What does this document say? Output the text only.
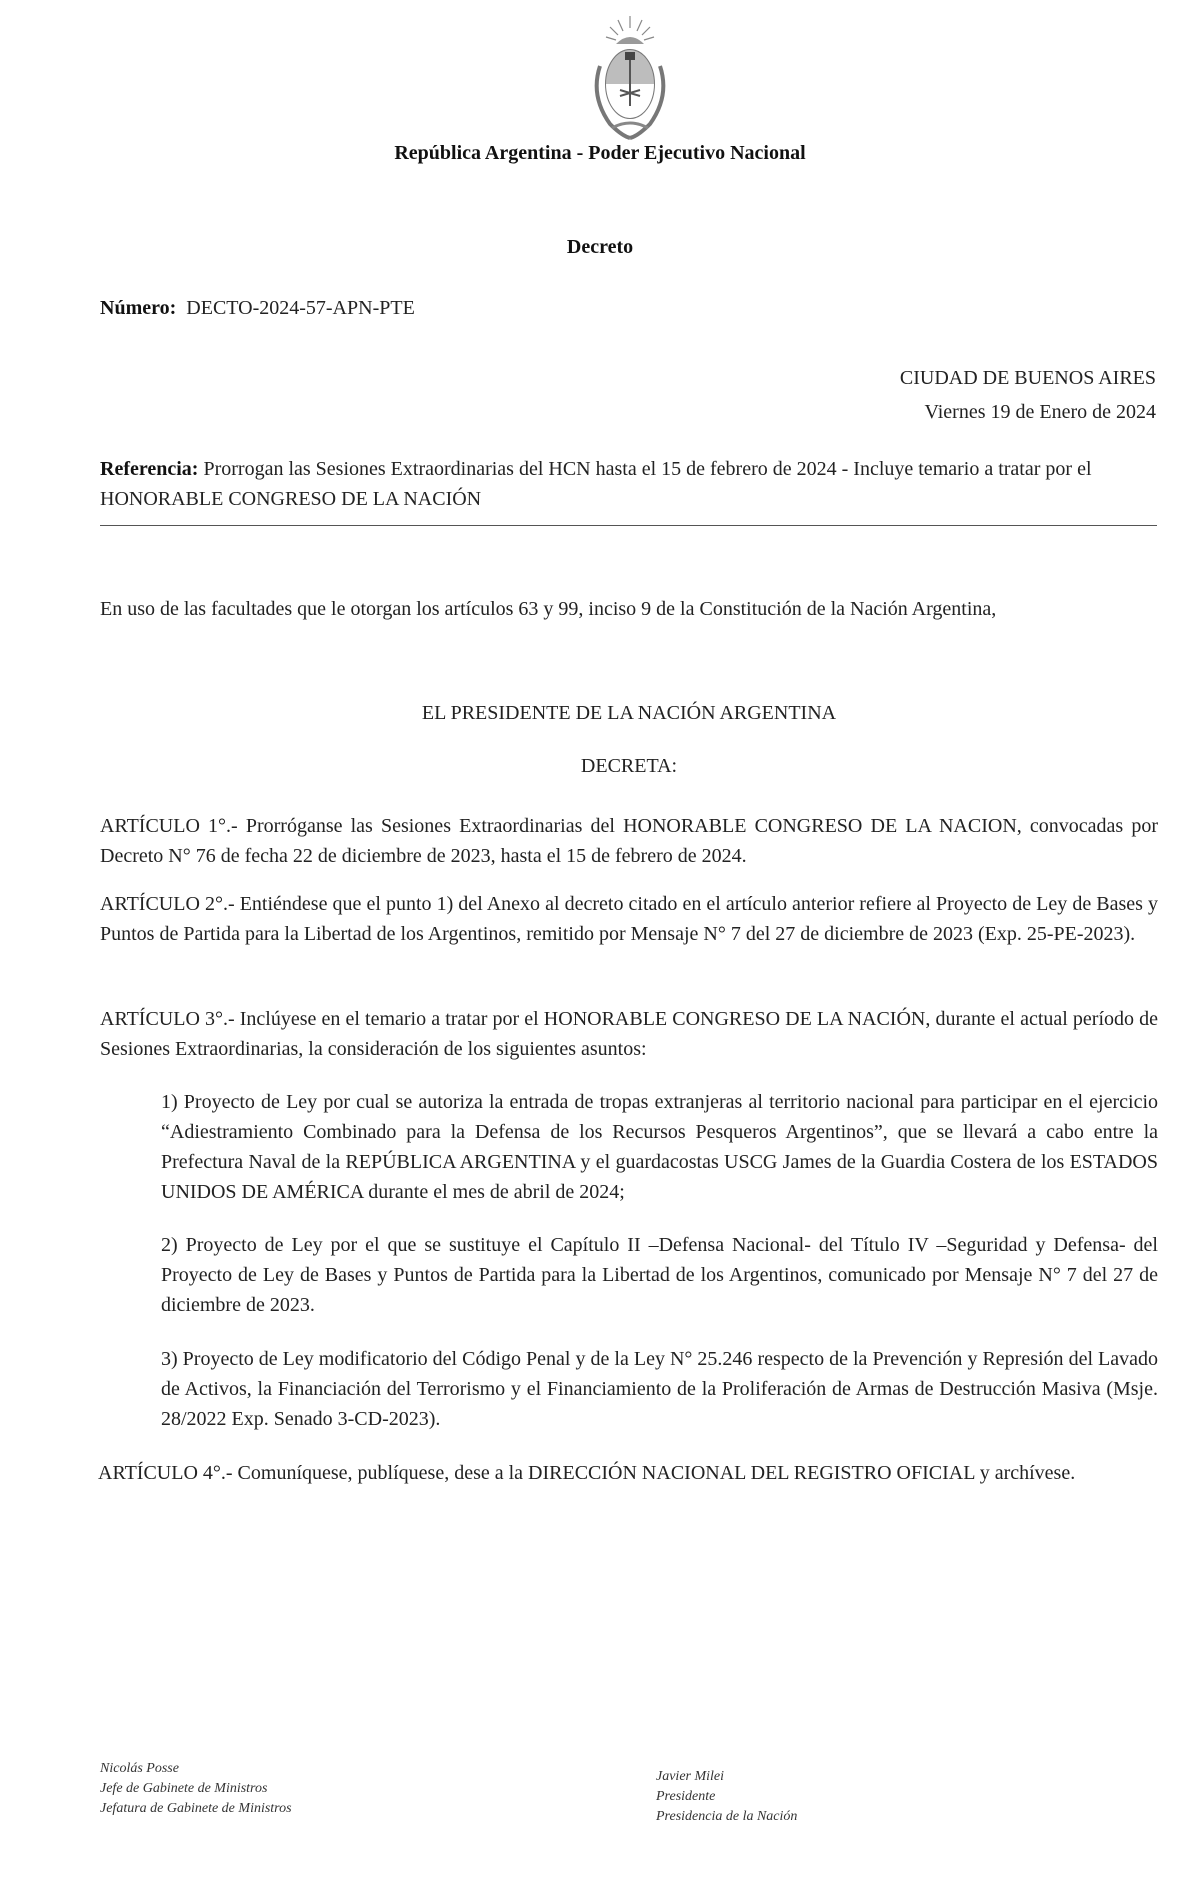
República Argentina - Poder Ejecutivo Nacional
Decreto
Número: DECTO-2024-57-APN-PTE
CIUDAD DE BUENOS AIRES
Viernes 19 de Enero de 2024
Referencia: Prorrogan las Sesiones Extraordinarias del HCN hasta el 15 de febrero de 2024 - Incluye temario a tratar por el HONORABLE CONGRESO DE LA NACIÓN
En uso de las facultades que le otorgan los artículos 63 y 99, inciso 9 de la Constitución de la Nación Argentina,
EL PRESIDENTE DE LA NACIÓN ARGENTINA
DECRETA:
ARTÍCULO 1°.- Prorróganse las Sesiones Extraordinarias del HONORABLE CONGRESO DE LA NACION, convocadas por Decreto N° 76 de fecha 22 de diciembre de 2023, hasta el 15 de febrero de 2024.
ARTÍCULO 2°.- Entiéndese que el punto 1) del Anexo al decreto citado en el artículo anterior refiere al Proyecto de Ley de Bases y Puntos de Partida para la Libertad de los Argentinos, remitido por Mensaje N° 7 del 27 de diciembre de 2023 (Exp. 25-PE-2023).
ARTÍCULO 3°.- Inclúyese en el temario a tratar por el HONORABLE CONGRESO DE LA NACIÓN, durante el actual período de Sesiones Extraordinarias, la consideración de los siguientes asuntos:
1) Proyecto de Ley por cual se autoriza la entrada de tropas extranjeras al territorio nacional para participar en el ejercicio “Adiestramiento Combinado para la Defensa de los Recursos Pesqueros Argentinos”, que se llevará a cabo entre la Prefectura Naval de la REPÚBLICA ARGENTINA y el guardacostas USCG James de la Guardia Costera de los ESTADOS UNIDOS DE AMÉRICA durante el mes de abril de 2024;
2) Proyecto de Ley por el que se sustituye el Capítulo II –Defensa Nacional- del Título IV –Seguridad y Defensa- del Proyecto de Ley de Bases y Puntos de Partida para la Libertad de los Argentinos, comunicado por Mensaje N° 7 del 27 de diciembre de 2023.
3) Proyecto de Ley modificatorio del Código Penal y de la Ley N° 25.246 respecto de la Prevención y Represión del Lavado de Activos, la Financiación del Terrorismo y el Financiamiento de la Proliferación de Armas de Destrucción Masiva (Msje. 28/2022 Exp. Senado 3-CD-2023).
ARTÍCULO 4°.- Comuníquese, publíquese, dese a la DIRECCIÓN NACIONAL DEL REGISTRO OFICIAL y archívese.
Nicolás Posse
Jefe de Gabinete de Ministros
Jefatura de Gabinete de Ministros
Javier Milei
Presidente
Presidencia de la Nación
